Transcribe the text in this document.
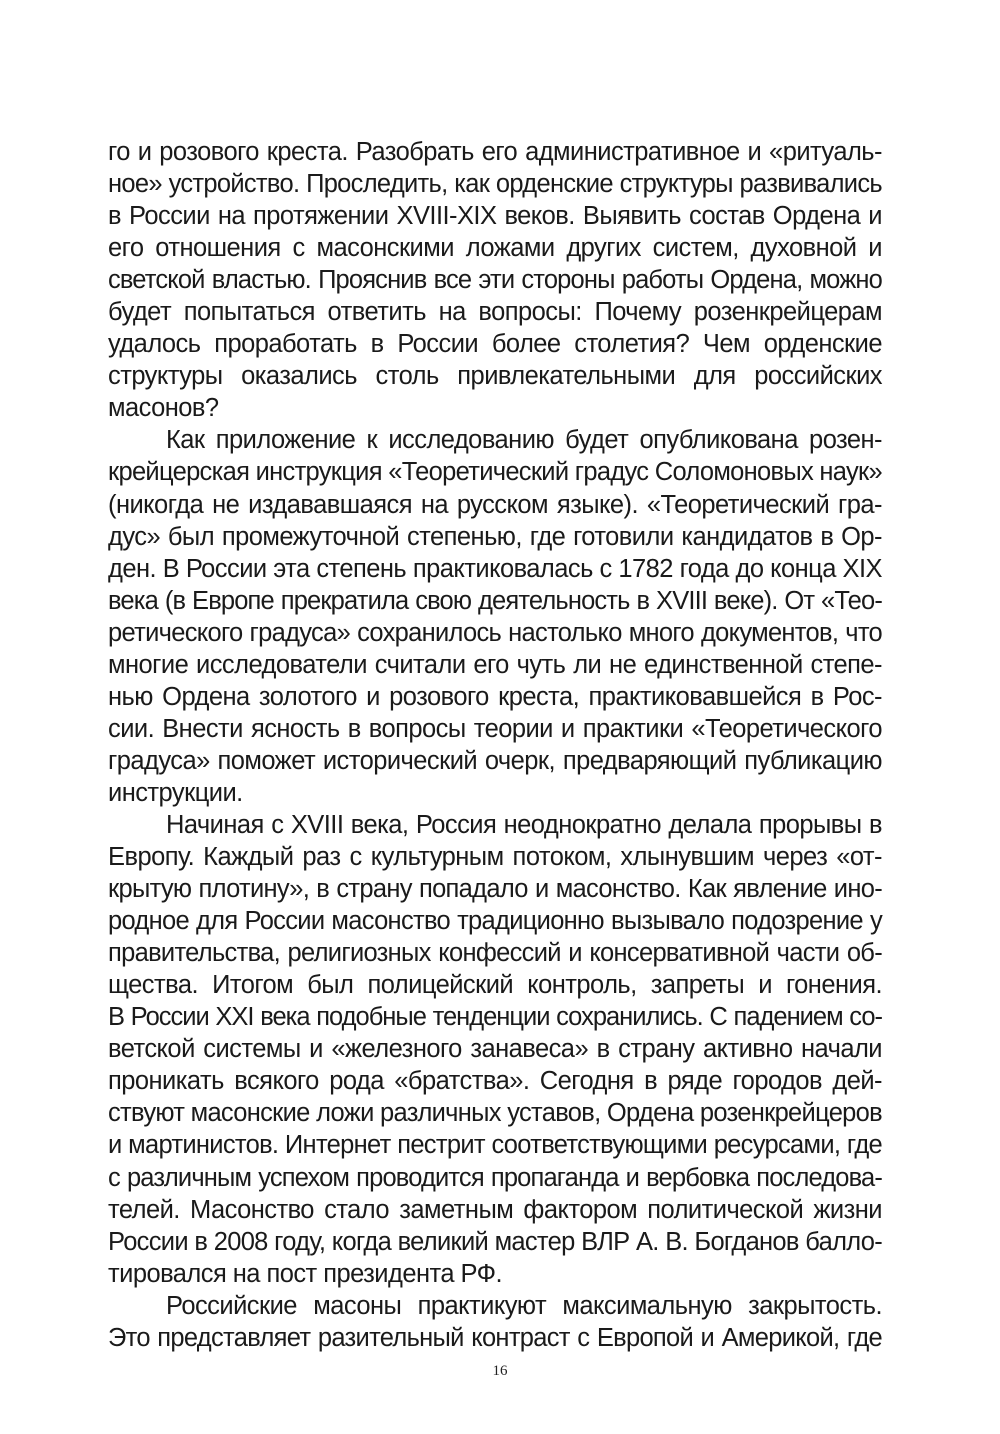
го и розового креста. Разобрать его административное и «ритуаль-
ное» устройство. Проследить, как орденские структуры развивались
в России на протяжении XVIII-XIX веков. Выявить состав Ордена и
его отношения с масонскими ложами других систем, духовной и
светской властью. Прояснив все эти стороны работы Ордена, можно
будет попытаться ответить на вопросы: Почему розенкрейцерам
удалось проработать в России более столетия? Чем орденские
структуры оказались столь привлекательными для российских
масонов?
Как приложение к исследованию будет опубликована розен-
крейцерская инструкция «Теоретический градус Соломоновых наук»
(никогда не издававшаяся на русском языке). «Теоретический гра-
дус» был промежуточной степенью, где готовили кандидатов в Ор-
ден. В России эта степень практиковалась с 1782 года до конца XIX
века (в Европе прекратила свою деятельность в XVIII веке). От «Тео-
ретического градуса» сохранилось настолько много документов, что
многие исследователи считали его чуть ли не единственной степе-
нью Ордена золотого и розового креста, практиковавшейся в Рос-
сии. Внести ясность в вопросы теории и практики «Теоретического
градуса» поможет исторический очерк, предваряющий публикацию
инструкции.
Начиная с XVIII века, Россия неоднократно делала прорывы в
Европу. Каждый раз с культурным потоком, хлынувшим через «от-
крытую плотину», в страну попадало и масонство. Как явление ино-
родное для России масонство традиционно вызывало подозрение у
правительства, религиозных конфессий и консервативной части об-
щества. Итогом был полицейский контроль, запреты и гонения.
В России XXI века подобные тенденции сохранились. С падением со-
ветской системы и «железного занавеса» в страну активно начали
проникать всякого рода «братства». Сегодня в ряде городов дей-
ствуют масонские ложи различных уставов, Ордена розенкрейцеров
и мартинистов. Интернет пестрит соответствующими ресурсами, где
с различным успехом проводится пропаганда и вербовка последова-
телей. Масонство стало заметным фактором политической жизни
России в 2008 году, когда великий мастер ВЛР А. В. Богданов балло-
тировался на пост президента РФ.
Российские масоны практикуют максимальную закрытость.
Это представляет разительный контраст с Европой и Америкой, где
16
